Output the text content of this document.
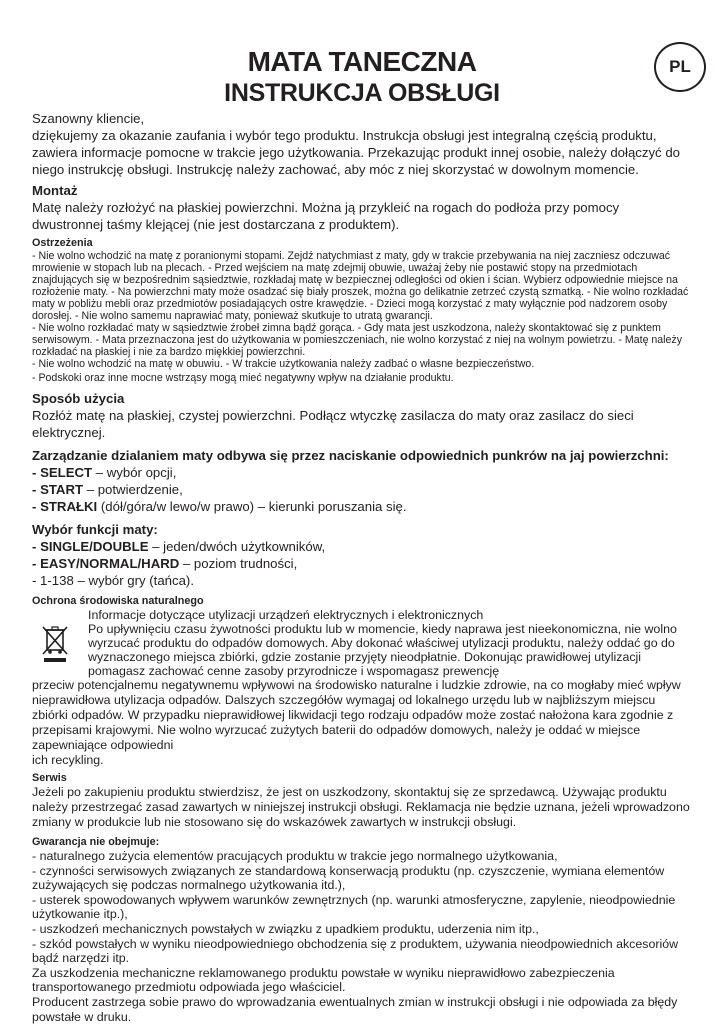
MATA TANECZNA

INSTRUKCJA OBSŁUGI

PL

Szanowny kliencie,

dziękujemy za okazanie zaufania i wybór tego produktu. Instrukcja obsługi jest integralną częścią produktu, zawiera informacje pomocne w trakcie jego użytkowania. Przekazując produkt innej osobie, należy dołączyć do niego instrukcję obsługi. Instrukcję należy zachować, aby móc z niej skorzystać w dowolnym momencie.

Montaż

Matę należy rozłożyć na płaskiej powierzchni. Można ją przykleić na rogach do podłoża przy pomocy dwustronnej taśmy klejącej (nie jest dostarczana z produktem).

Ostrzeżenia

- Nie wolno wchodzić na matę z poranionymi stopami. Zejdź natychmiast z maty, gdy w trakcie przebywania na niej zaczniesz odczuwać mrowienie w stopach lub na plecach. - Przed wejściem na matę zdejmij obuwie, uważaj żeby nie postawić stopy na przedmiotach znajdujących się w bezpośrednim sąsiedztwie, rozkładaj matę w bezpiecznej odległości od okien i ścian. Wybierz odpowiednie miejsce na rozłożenie maty. - Na powierzchni maty może osadzać się biały proszek, można go delikatnie zetrzeć czystą szmatką. - Nie wolno rozkładać maty w pobliżu mebli oraz przedmiotów posiadających ostre krawędzie. - Dzieci mogą korzystać z maty wyłącznie pod nadzorem osoby dorosłej. - Nie wolno samemu naprawiać maty, ponieważ skutkuje to utratą gwarancji.

- Nie wolno rozkładać maty w sąsiedztwie źrobeł zimna bądź gorąca. - Gdy mata jest uszkodzona, należy skontaktować się z punktem serwisowym. - Mata przeznaczona jest do użytkowania w pomieszczeniach, nie wolno korzystać z niej na wolnym powietrzu. - Matę należy rozkładać na płaskiej i nie za bardzo miękkiej powierzchni.

- Nie wolno wchodzić na matę w obuwiu. - W trakcie użytkowania należy zadbać o własne bezpieczeństwo.

- Podskoki oraz inne mocne wstrząsy mogą mieć negatywny wpływ na działanie produktu.

Sposób użycia

Rozłóż matę na płaskiej, czystej powierzchni. Podłącz wtyczkę zasilacza do maty oraz zasilacz do sieci elektrycznej.

Zarządzanie dzialaniem maty odbywa się przez naciskanie odpowiednich punkrów na jaj powierzchni:

- SELECT – wybór opcji,

- START – potwierdzenie,

- STRAŁKI (dół/góra/w lewo/w prawo) – kierunki poruszania się.

Wybór funkcji maty:

- SINGLE/DOUBLE – jeden/dwóch użytkowników,

- EASY/NORMAL/HARD – poziom trudności,

- 1-138 – wybór gry (tańca).

Ochrona środowiska naturalnego

Informacje dotyczące utylizacji urządzeń elektrycznych i elektronicznych

Po upływnięciu czasu żywotności produktu lub w momencie, kiedy naprawa jest nieekonomiczna, nie wolno wyrzucać produktu do odpadów domowych. Aby dokonać właściwej utylizacji produktu, należy oddać go do wyznaczonego miejsca zbiórki, gdzie zostanie przyjęty nieodpłatnie. Dokonując prawidłowej utylizacji pomagasz zachować cenne zasoby przyrodnicze i wspomagasz prewencję

przeciw potencjalnemu negatywnemu wpływowi na środowisko naturalne i ludzkie zdrowie, na co mogłaby mieć wpływ nieprawidłowa utylizacja odpadów. Dalszych szczegółów wymagaj od lokalnego urzędu lub w najbliższym miejscu zbiórki odpadów. W przypadku nieprawidłowej likwidacji tego rodzaju odpadów może zostać nałożona kara zgodnie z przepisami krajowymi. Nie wolno wyrzucać zużytych baterii do odpadów domowych, należy je oddać w miejsce zapewniające odpowiedni

ich recykling.

Serwis

Jeżeli po zakupieniu produktu stwierdzisz, że jest on uszkodzony, skontaktuj się ze sprzedawcą. Używając produktu należy przestrzegać zasad zawartych w niniejszej instrukcji obsługi. Reklamacja nie będzie uznana, jeżeli wprowadzono zmiany w produkcie lub nie stosowano się do wskazówek zawartych w instrukcji obsługi.

Gwarancja nie obejmuje:

- naturalnego zużycia elementów pracujących produktu w trakcie jego normalnego użytkowania,

- czynności serwisowych związanych ze standardową konserwacją produktu (np. czyszczenie, wymiana elementów zużywających się podczas normalnego użytkowania itd.),

- usterek spowodowanych wpływem warunków zewnętrznych (np. warunki atmosferyczne, zapylenie, nieodpowiednie użytkowanie itp.),

- uszkodzeń mechanicznych powstałych w związku z upadkiem produktu, uderzenia nim itp.,

- szkód powstałych w wyniku nieodpowiedniego obchodzenia się z produktem, używania nieodpowiednich akcesoriów bądź narzędzi itp.

Za uszkodzenia mechaniczne reklamowanego produktu powstałe w wyniku nieprawidłowo zabezpieczenia transportowanego przedmiotu odpowiada jego właściciel.

Producent zastrzega sobie prawo do wprowadzania ewentualnych zmian w instrukcji obsługi i nie odpowiada za błędy powstałe w druku.
